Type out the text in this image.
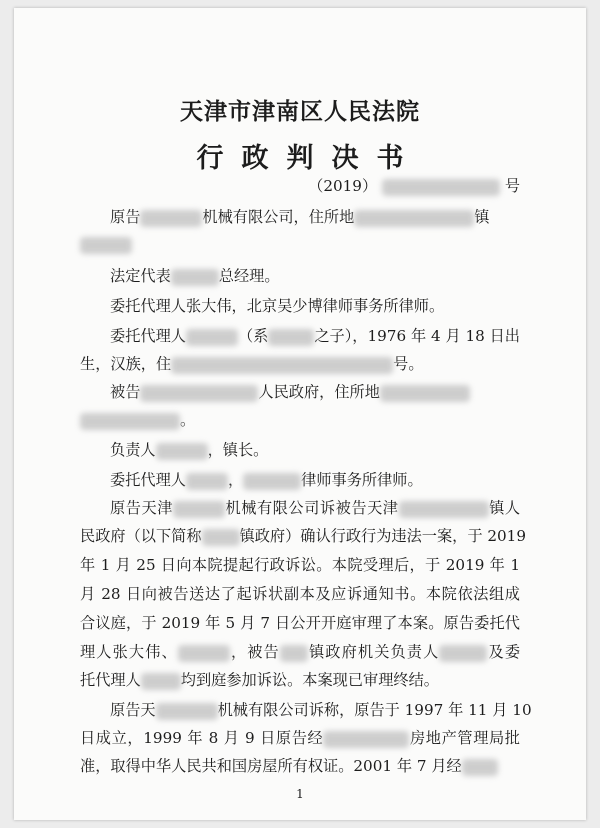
天津市津南区人民法院
行政判决书
（2019）	号
原告	机械有限公司，住所地	镇
法定代表	总经理。
委托代理人张大伟，北京吴少博律师事务所律师。
委托代理人	（系	之子），1976 年 4 月 18 日出
生，汉族，住	号。
被告	人民政府，住所地
。
负责人	，镇长。
委托代理人	，	律师事务所律师。
原告天津	机械有限公司诉被告天津	镇人
民政府（以下简称	镇政府）确认行政行为违法一案，于 2019
年 1 月 25 日向本院提起行政诉讼。本院受理后，于 2019 年 1
月 28 日向被告送达了起诉状副本及应诉通知书。本院依法组成
合议庭，于 2019 年 5 月 7 日公开开庭审理了本案。原告委托代
理人张大伟、	，被告 镇政府机关负责人	及委
托代理人	均到庭参加诉讼。本案现已审理终结。
原告天	机械有限公司诉称，原告于 1997 年 11 月 10
日成立，1999 年 8 月 9 日原告经	房地产管理局批
准，取得中华人民共和国房屋所有权证。2001 年 7 月经
1
